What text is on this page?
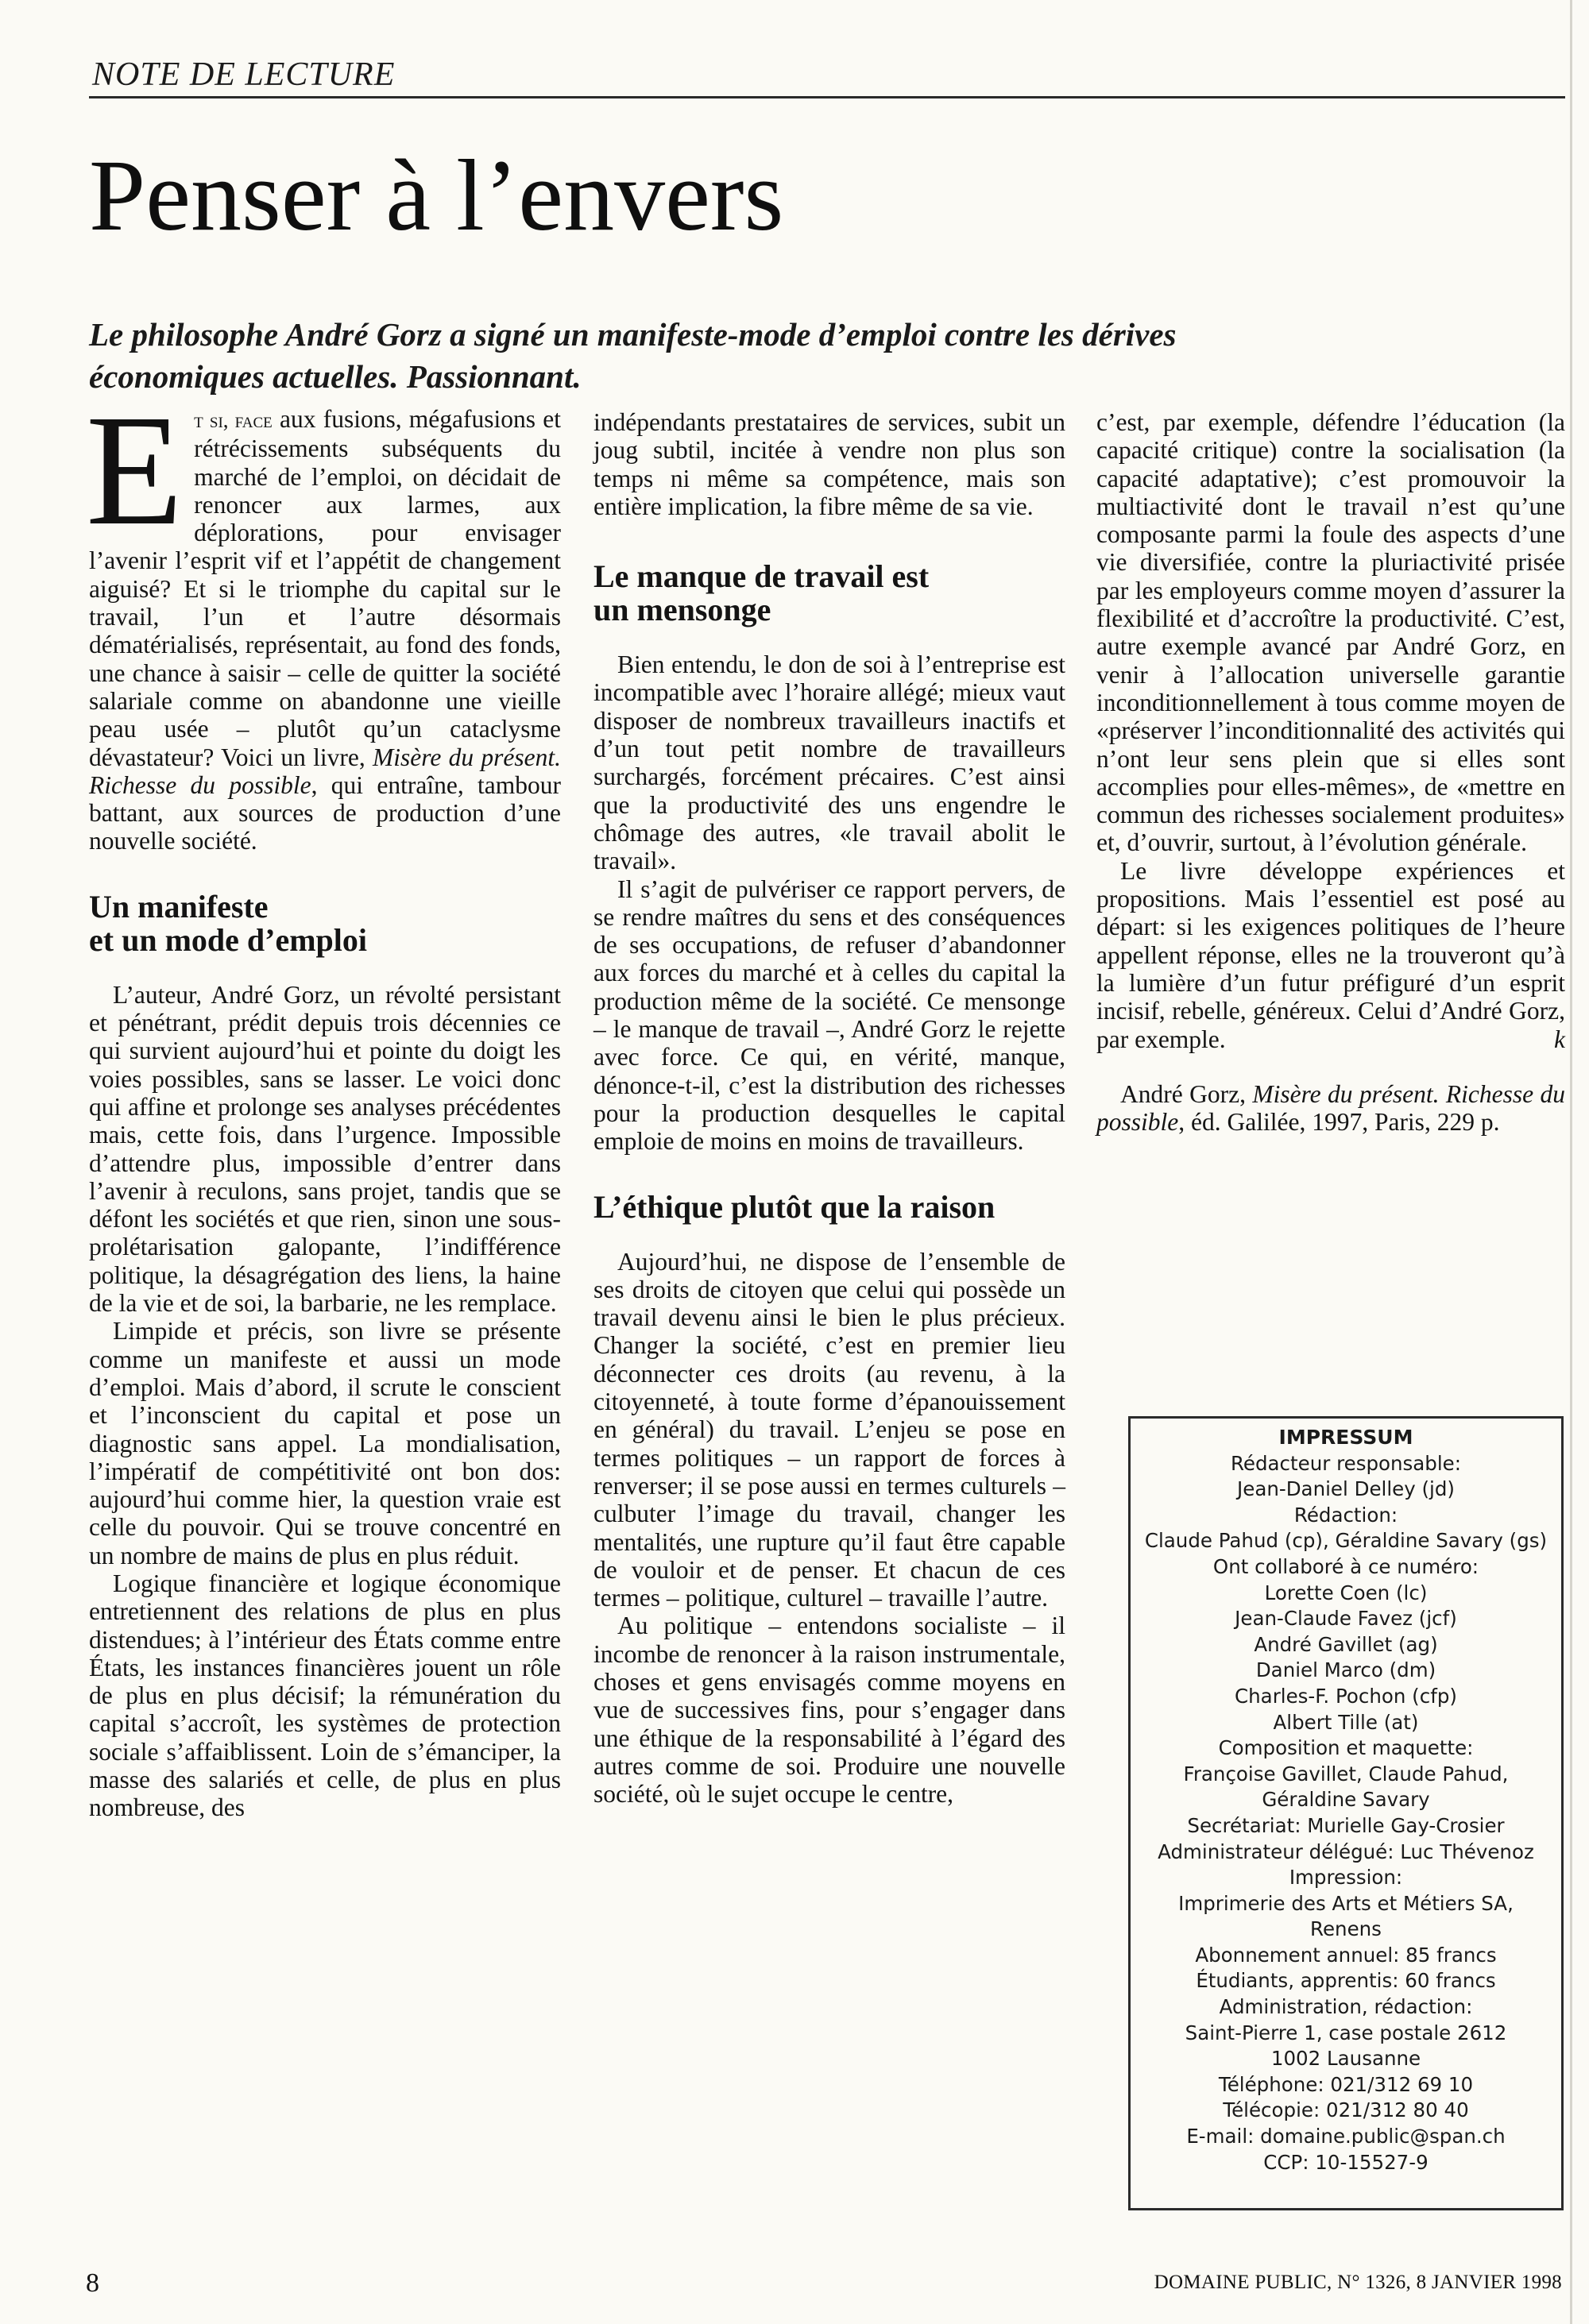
NOTE DE LECTURE
Penser à l’envers

Le philosophe André Gorz a signé un manifeste-mode d’emploi contre les dérives économiques actuelles. Passionnant.

Et si, face aux fusions, mégafusions et rétrécissements subséquents du marché de l’emploi, on décidait de renoncer aux larmes, aux déplorations, pour envisager l’avenir l’esprit vif et l’appétit de changement aiguisé? Et si le triomphe du capital sur le travail, l’un et l’autre désormais dématérialisés, représentait, au fond des fonds, une chance à saisir – celle de quitter la société salariale comme on abandonne une vieille peau usée – plutôt qu’un cataclysme dévastateur? Voici un livre, Misère du présent. Richesse du possible, qui entraîne, tambour battant, aux sources de production d’une nouvelle société.

Un manifeste
et un mode d’emploi

L’auteur, André Gorz, un révolté persistant et pénétrant, prédit depuis trois décennies ce qui survient aujourd’hui et pointe du doigt les voies possibles, sans se lasser. Le voici donc qui affine et prolonge ses analyses précédentes mais, cette fois, dans l’urgence. Impossible d’attendre plus, impossible d’entrer dans l’avenir à reculons, sans projet, tandis que se défont les sociétés et que rien, sinon une sous-prolétarisation galopante, l’indifférence politique, la désagrégation des liens, la haine de la vie et de soi, la barbarie, ne les remplace.

Limpide et précis, son livre se présente comme un manifeste et aussi un mode d’emploi. Mais d’abord, il scrute le conscient et l’inconscient du capital et pose un diagnostic sans appel. La mondialisation, l’impératif de compétitivité ont bon dos: aujourd’hui comme hier, la question vraie est celle du pouvoir. Qui se trouve concentré en un nombre de mains de plus en plus réduit.

Logique financière et logique économique entretiennent des relations de plus en plus distendues; à l’intérieur des États comme entre États, les instances financières jouent un rôle de plus en plus décisif; la rémunération du capital s’accroît, les systèmes de protection sociale s’affaiblissent. Loin de s’émanciper, la masse des salariés et celle, de plus en plus nombreuse, des

indépendants prestataires de services, subit un joug subtil, incitée à vendre non plus son temps ni même sa compétence, mais son entière implication, la fibre même de sa vie.

Le manque de travail est
un mensonge

Bien entendu, le don de soi à l’entreprise est incompatible avec l’horaire allégé; mieux vaut disposer de nombreux travailleurs inactifs et d’un tout petit nombre de travailleurs surchargés, forcément précaires. C’est ainsi que la productivité des uns engendre le chômage des autres, «le travail abolit le travail».

Il s’agit de pulvériser ce rapport pervers, de se rendre maîtres du sens et des conséquences de ses occupations, de refuser d’abandonner aux forces du marché et à celles du capital la production même de la société. Ce mensonge – le manque de travail –, André Gorz le rejette avec force. Ce qui, en vérité, manque, dénonce-t-il, c’est la distribution des richesses pour la production desquelles le capital emploie de moins en moins de travailleurs.

L’éthique plutôt que la raison

Aujourd’hui, ne dispose de l’ensemble de ses droits de citoyen que celui qui possède un travail devenu ainsi le bien le plus précieux. Changer la société, c’est en premier lieu déconnecter ces droits (au revenu, à la citoyenneté, à toute forme d’épanouissement en général) du travail. L’enjeu se pose en termes politiques – un rapport de forces à renverser; il se pose aussi en termes culturels – culbuter l’image du travail, changer les mentalités, une rupture qu’il faut être capable de vouloir et de penser. Et chacun de ces termes – politique, culturel – travaille l’autre.

Au politique – entendons socialiste – il incombe de renoncer à la raison instrumentale, choses et gens envisagés comme moyens en vue de successives fins, pour s’engager dans une éthique de la responsabilité à l’égard des autres comme de soi. Produire une nouvelle société, où le sujet occupe le centre,

c’est, par exemple, défendre l’éducation (la capacité critique) contre la socialisation (la capacité adaptative); c’est promouvoir la multiactivité dont le travail n’est qu’une composante parmi la foule des aspects d’une vie diversifiée, contre la pluriactivité prisée par les employeurs comme moyen d’assurer la flexibilité et d’accroître la productivité. C’est, autre exemple avancé par André Gorz, en venir à l’allocation universelle garantie inconditionnellement à tous comme moyen de «préserver l’inconditionnalité des activités qui n’ont leur sens plein que si elles sont accomplies pour elles-mêmes», de «mettre en commun des richesses socialement produites» et, d’ouvrir, surtout, à l’évolution générale.

Le livre développe expériences et propositions. Mais l’essentiel est posé au départ: si les exigences politiques de l’heure appellent réponse, elles ne la trouveront qu’à la lumière d’un futur préfiguré d’un esprit incisif, rebelle, généreux. Celui d’André Gorz, par exemple.	k

André Gorz, Misère du présent. Richesse du possible, éd. Galilée, 1997, Paris, 229 p.

IMPRESSUM
Rédacteur responsable:
Jean-Daniel Delley (jd)
Rédaction:
Claude Pahud (cp), Géraldine Savary (gs)
Ont collaboré à ce numéro:
Lorette Coen (lc)
Jean-Claude Favez (jcf)
André Gavillet (ag)
Daniel Marco (dm)
Charles-F. Pochon (cfp)
Albert Tille (at)
Composition et maquette:
Françoise Gavillet, Claude Pahud,
Géraldine Savary
Secrétariat: Murielle Gay-Crosier
Administrateur délégué: Luc Thévenoz
Impression:
Imprimerie des Arts et Métiers SA,
Renens
Abonnement annuel: 85 francs
Étudiants, apprentis: 60 francs
Administration, rédaction:
Saint-Pierre 1, case postale 2612
1002 Lausanne
Téléphone: 021/312 69 10
Télécopie: 021/312 80 40
E-mail: domaine.public@span.ch
CCP: 10-15527-9
8	DOMAINE PUBLIC, N° 1326, 8 JANVIER 1998
